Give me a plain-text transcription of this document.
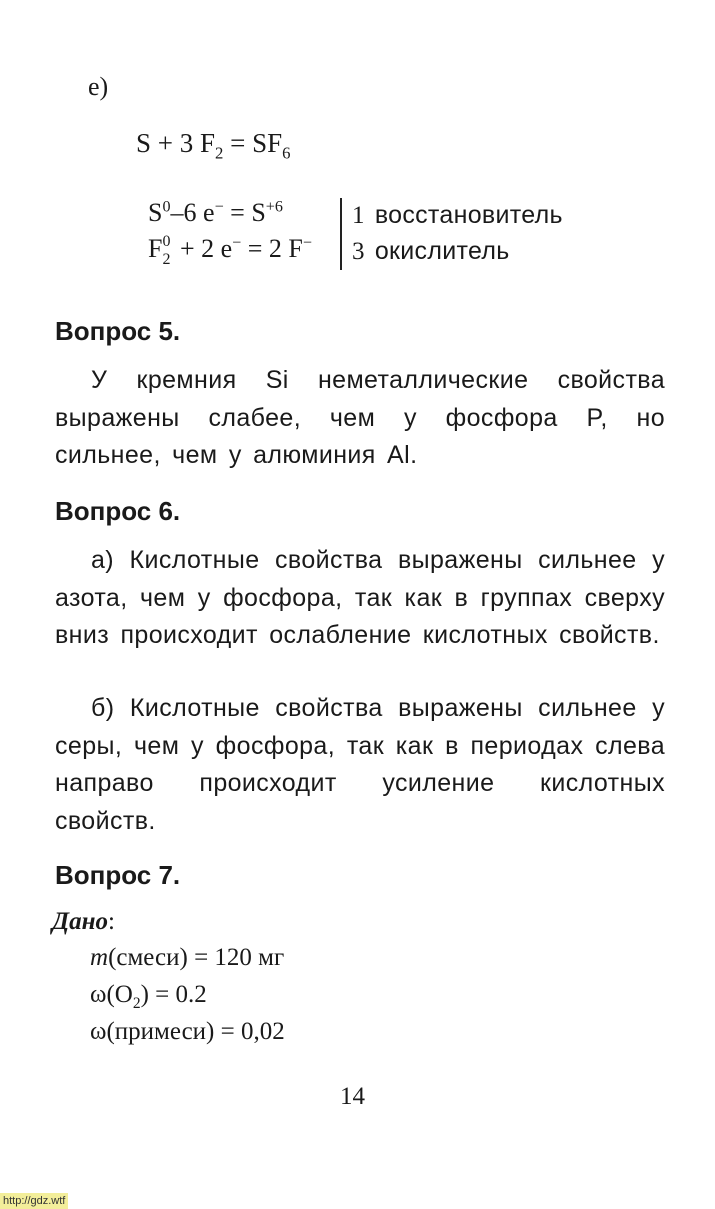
е)
S + 3 $F_2 = SF_6$
$S^0-6$ $e^- = S^{+6}$
F 0
2 + 2 e− = 2 F−
1 восстановитель
3 окислитель
Вопрос 5.
У кремния Si неметаллические свойства выражены слабее, чем у фосфора P, но сильнее, чем у алюминия Al.
Вопрос 6.
а) Кислотные свойства выражены сильнее у азота, чем у фосфора, так как в группах сверху вниз происходит ослабление кислотных свойств.
б) Кислотные свойства выражены сильнее у серы, чем у фосфора, так как в периодах слева направо происходит усиление кислотных свойств.
Вопрос 7.
Дано:
m(смеси) = 120 мг
$\omega(O_2) = 0.2$
ω(примеси) = 0,02
14
http://gdz.wtf
